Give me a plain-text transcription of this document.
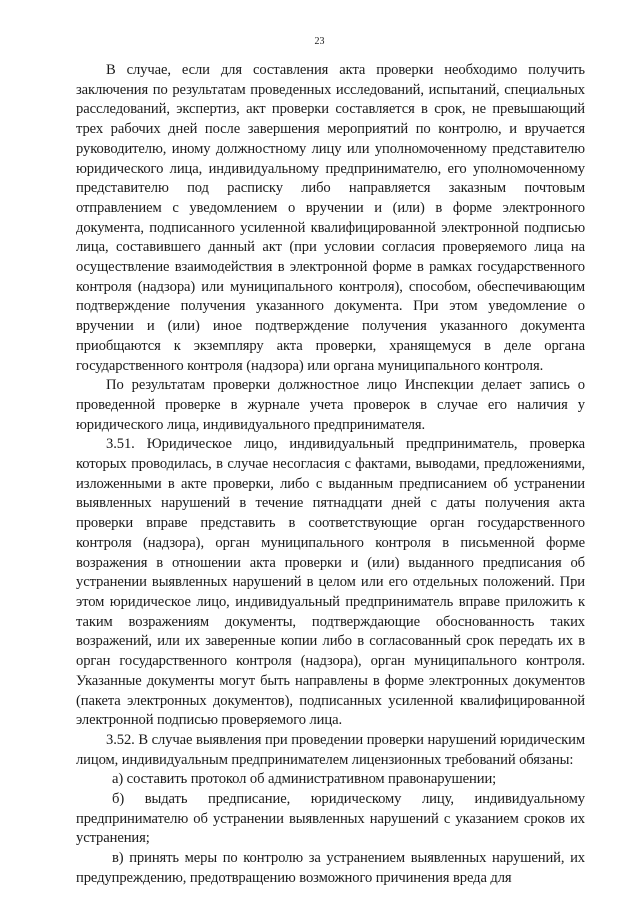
23

В случае, если для составления акта проверки необходимо получить заключения по результатам проведенных исследований, испытаний, специальных расследований, экспертиз, акт проверки составляется в срок, не превышающий трех рабочих дней после завершения мероприятий по контролю, и вручается руководителю, иному должностному лицу или уполномоченному представителю юридического лица, индивидуальному предпринимателю, его уполномоченному представителю под расписку либо направляется заказным почтовым отправлением с уведомлением о вручении и (или) в форме электронного документа, подписанного усиленной квалифицированной электронной подписью лица, составившего данный акт (при условии согласия проверяемого лица на осуществление взаимодействия в электронной форме в рамках государственного контроля (надзора) или муниципального контроля), способом, обеспечивающим подтверждение получения указанного документа. При этом уведомление о вручении и (или) иное подтверждение получения указанного документа приобщаются к экземпляру акта проверки, хранящемуся в деле органа государственного контроля (надзора) или органа муниципального контроля.

По результатам проверки должностное лицо Инспекции делает запись о проведенной проверке в журнале учета проверок в случае его наличия у юридического лица, индивидуального предпринимателя.

3.51. Юридическое лицо, индивидуальный предприниматель, проверка которых проводилась, в случае несогласия с фактами, выводами, предложениями, изложенными в акте проверки, либо с выданным предписанием об устранении выявленных нарушений в течение пятнадцати дней с даты получения акта проверки вправе представить в соответствующие орган государственного контроля (надзора), орган муниципального контроля в письменной форме возражения в отношении акта проверки и (или) выданного предписания об устранении выявленных нарушений в целом или его отдельных положений. При этом юридическое лицо, индивидуальный предприниматель вправе приложить к таким возражениям документы, подтверждающие обоснованность таких возражений, или их заверенные копии либо в согласованный срок передать их в орган государственного контроля (надзора), орган муниципального контроля. Указанные документы могут быть направлены в форме электронных документов (пакета электронных документов), подписанных усиленной квалифицированной электронной подписью проверяемого лица.

3.52. В случае выявления при проведении проверки нарушений юридическим лицом, индивидуальным предпринимателем лицензионных требований обязаны:

а) составить протокол об административном правонарушении;

б) выдать предписание, юридическому лицу, индивидуальному предпринимателю об устранении выявленных нарушений с указанием сроков их устранения;

в) принять меры по контролю за устранением выявленных нарушений, их предупреждению, предотвращению возможного причинения вреда для
